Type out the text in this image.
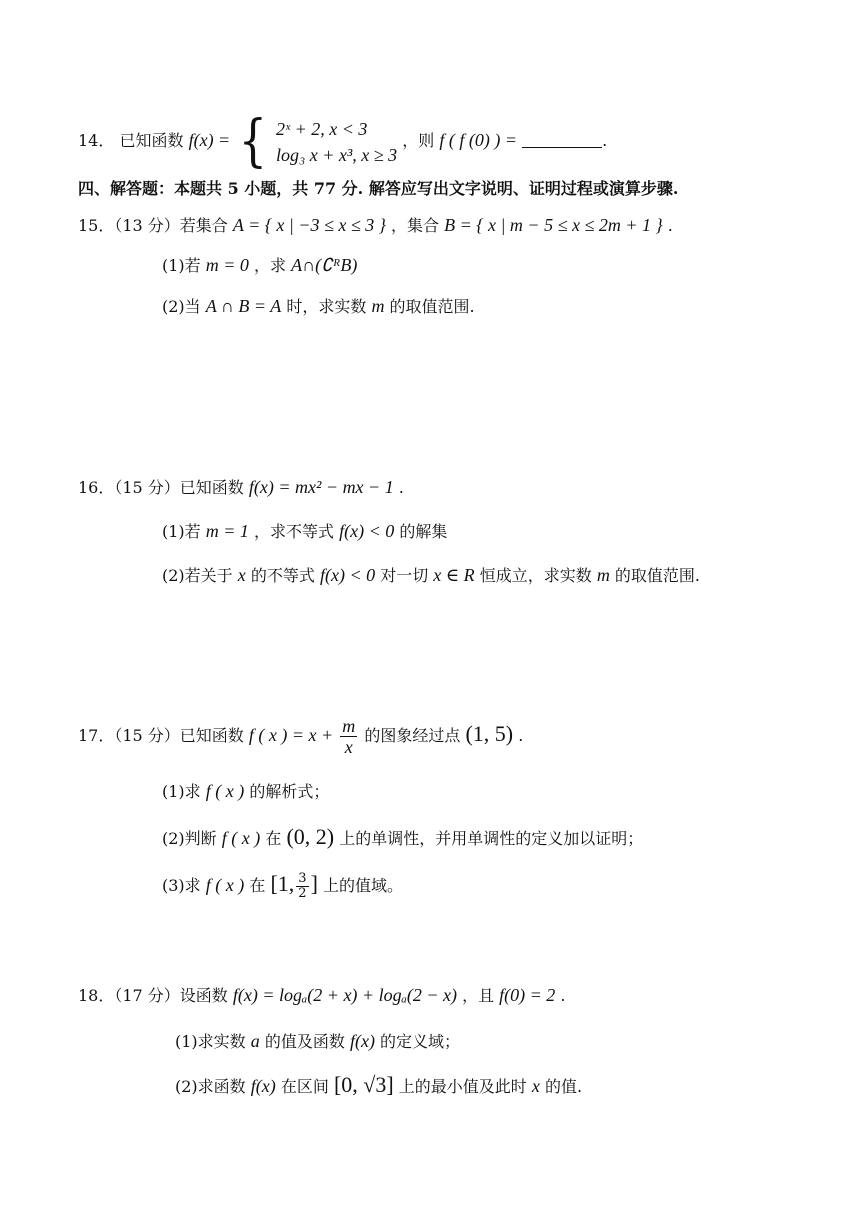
14． 已知函数 f(x) = { 2ˣ + 2, x < 3
log₃ x + x³, x ≥ 3
，则 f ( f (0) ) =	.
四、解答题：本题共 5 小题，共 77 分. 解答应写出文字说明、证明过程或演算步骤.
15．（13 分）若集合 A = { x | −3 ≤ x ≤ 3 } ，集合 B = { x | m − 5 ≤ x ≤ 2m + 1 } .
(1)若 m = 0 ，求 A∩(∁ᴿB)
(2)当 A ∩ B = A 时，求实数 m 的取值范围.
16．（15 分）已知函数 f(x) = mx² − mx − 1 .
(1)若 m = 1 ，求不等式 f(x) < 0 的解集
(2)若关于 x 的不等式 f(x) < 0 对一切 x ∈ R 恒成立，求实数 m 的取值范围.
17．（15 分）已知函数 f ( x ) = $x + \frac{m}{x}$ 的图象经过点 (1, 5) .
(1)求 f ( x ) 的解析式；
(2)判断 f ( x ) 在 (0, 2) 上的单调性，并用单调性的定义加以证明；
(3)求 f ( x ) 在 [1, $\frac{3}{2}$ ] 上的值域。
18．（17 分）设函数 f(x) = logₐ(2 + x) + logₐ(2 − x) ，且 f(0) = 2 .
(1)求实数 a 的值及函数 f(x) 的定义域；
(2)求函数 f(x) 在区间 [0, √3] 上的最小值及此时 x 的值.
